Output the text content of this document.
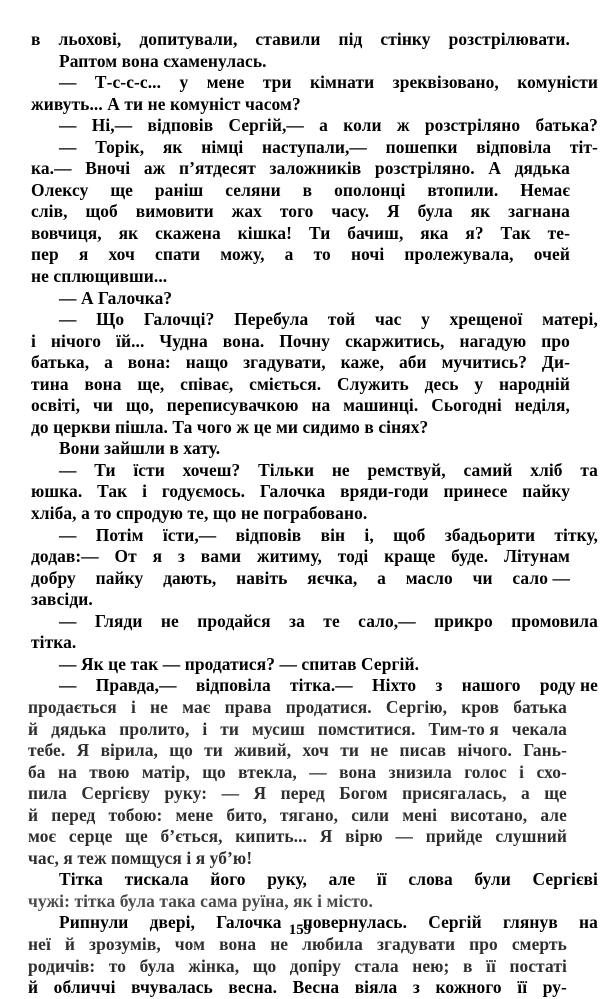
в льохові, допитували, ставили під стінку розстрілювати.
Раптом вона схаменулась.
— Т-с-с-с... у мене три кімнати зреквізовано, комуністи
живуть... А ти не комуніст часом?
— Ні,— відповів Сергій,— а коли ж розстріляно батька?
— Торік, як німці наступали,— пошепки відповіла тіт-
ка.— Вночі аж п’ятдесят заложників розстріляно. А дядька
Олексу ще раніш селяни в ополонці втопили. Немає
слів, щоб вимовити жах того часу. Я була як загнана
вовчиця, як скажена кішка! Ти бачиш, яка я? Так те-
пер я хоч спати можу, а то ночі пролежувала, очей
не сплющивши...
— А Галочка?
— Що Галочці? Перебула той час у хрещеної матері,
і нічого їй... Чудна вона. Почну скаржитись, нагадую про
батька, а вона: нащо згадувати, каже, аби мучитись? Ди-
тина вона ще, співає, сміється. Служить десь у народній
освіті, чи що, переписувачкою на машинці. Сьогодні неділя,
до церкви пішла. Та чого ж це ми сидимо в сінях?
Вони зайшли в хату.
— Ти їсти хочеш? Тільки не ремствуй, самий хліб та
юшка. Так і годуємось. Галочка вряди-годи принесе пайку
хліба, а то спродую те, що не пограбовано.
— Потім їсти,— відповів він і, щоб збадьорити тітку,
додав:— От я з вами житиму, тоді краще буде. Літунам
добру пайку дають, навіть яєчка, а масло чи сало —
завсіди.
— Гляди не продайся за те сало,— прикро промовила
тітка.
— Як це так — продатися? — спитав Сергій.
— Правда,— відповіла тітка.— Ніхто з нашого роду не
продається і не має права продатися. Сергію, кров батька
й дядька пролито, і ти мусиш помститися. Тим-то я чекала
тебе. Я вірила, що ти живий, хоч ти не писав нічого. Гань-
ба на твою матір, що втекла, — вона знизила голос і схо-
пила Сергієву руку: — Я перед Богом присягалась, а ще
й перед тобою: мене бито, тягано, сили мені висотано, але
моє серце ще б’ється, кипить... Я вірю — прийде слушний
час, я теж помщуся і я уб’ю!
Тітка тискала його руку, але її слова були Сергієві
чужі: тітка була така сама руїна, як і місто.
Рипнули двері, Галочка повернулась. Сергій глянув на
неї й зрозумів, чом вона не любила згадувати про смерть
родичів: то була жінка, що допіру стала нею; в її постаті
й обличчі вчувалась весна. Весна віяла з кожного її ру-
159
